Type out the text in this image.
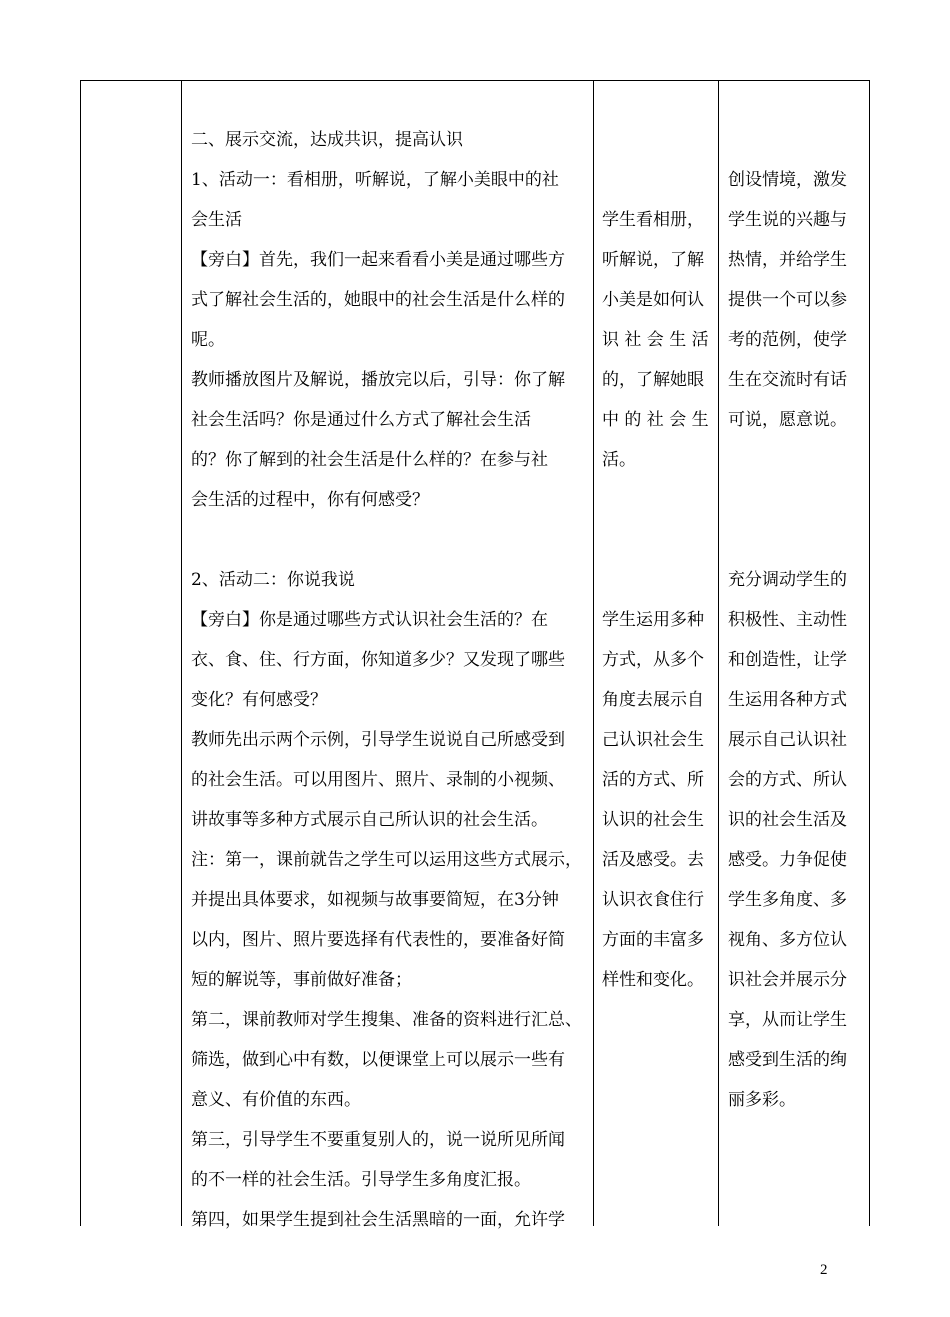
二、展示交流，达成共识，提高认识

1、活动一：看相册，听解说，了解小美眼中的社

会生活

【旁白】首先，我们一起来看看小美是通过哪些方

式了解社会生活的，她眼中的社会生活是什么样的

呢。

教师播放图片及解说，播放完以后，引导：你了解

社会生活吗？你是通过什么方式了解社会生活

的？你了解到的社会生活是什么样的？在参与社

会生活的过程中，你有何感受？

2、活动二：你说我说

【旁白】你是通过哪些方式认识社会生活的？在

衣、食、住、行方面，你知道多少？又发现了哪些

变化？有何感受？

教师先出示两个示例，引导学生说说自己所感受到

的社会生活。可以用图片、照片、录制的小视频、

讲故事等多种方式展示自己所认识的社会生活。

注：第一，课前就告之学生可以运用这些方式展示，

并提出具体要求，如视频与故事要简短，在3分钟

以内，图片、照片要选择有代表性的，要准备好简

短的解说等，事前做好准备；

第二，课前教师对学生搜集、准备的资料进行汇总、

筛选，做到心中有数，以便课堂上可以展示一些有

意义、有价值的东西。

第三，引导学生不要重复别人的，说一说所见所闻

的不一样的社会生活。引导学生多角度汇报。

第四，如果学生提到社会生活黑暗的一面，允许学

学生看相册，

听解说，了解

小美是如何认

识 社 会 生 活

的，了解她眼

中 的 社 会 生

活。

学生运用多种

方式，从多个

角度去展示自

己认识社会生

活的方式、所

认识的社会生

活及感受。去

认识衣食住行

方面的丰富多

样性和变化。

创设情境，激发

学生说的兴趣与

热情，并给学生

提供一个可以参

考的范例，使学

生在交流时有话

可说，愿意说。

充分调动学生的

积极性、主动性

和创造性，让学

生运用各种方式

展示自己认识社

会的方式、所认

识的社会生活及

感受。力争促使

学生多角度、多

视角、多方位认

识社会并展示分

享，从而让学生

感受到生活的绚

丽多彩。

2
